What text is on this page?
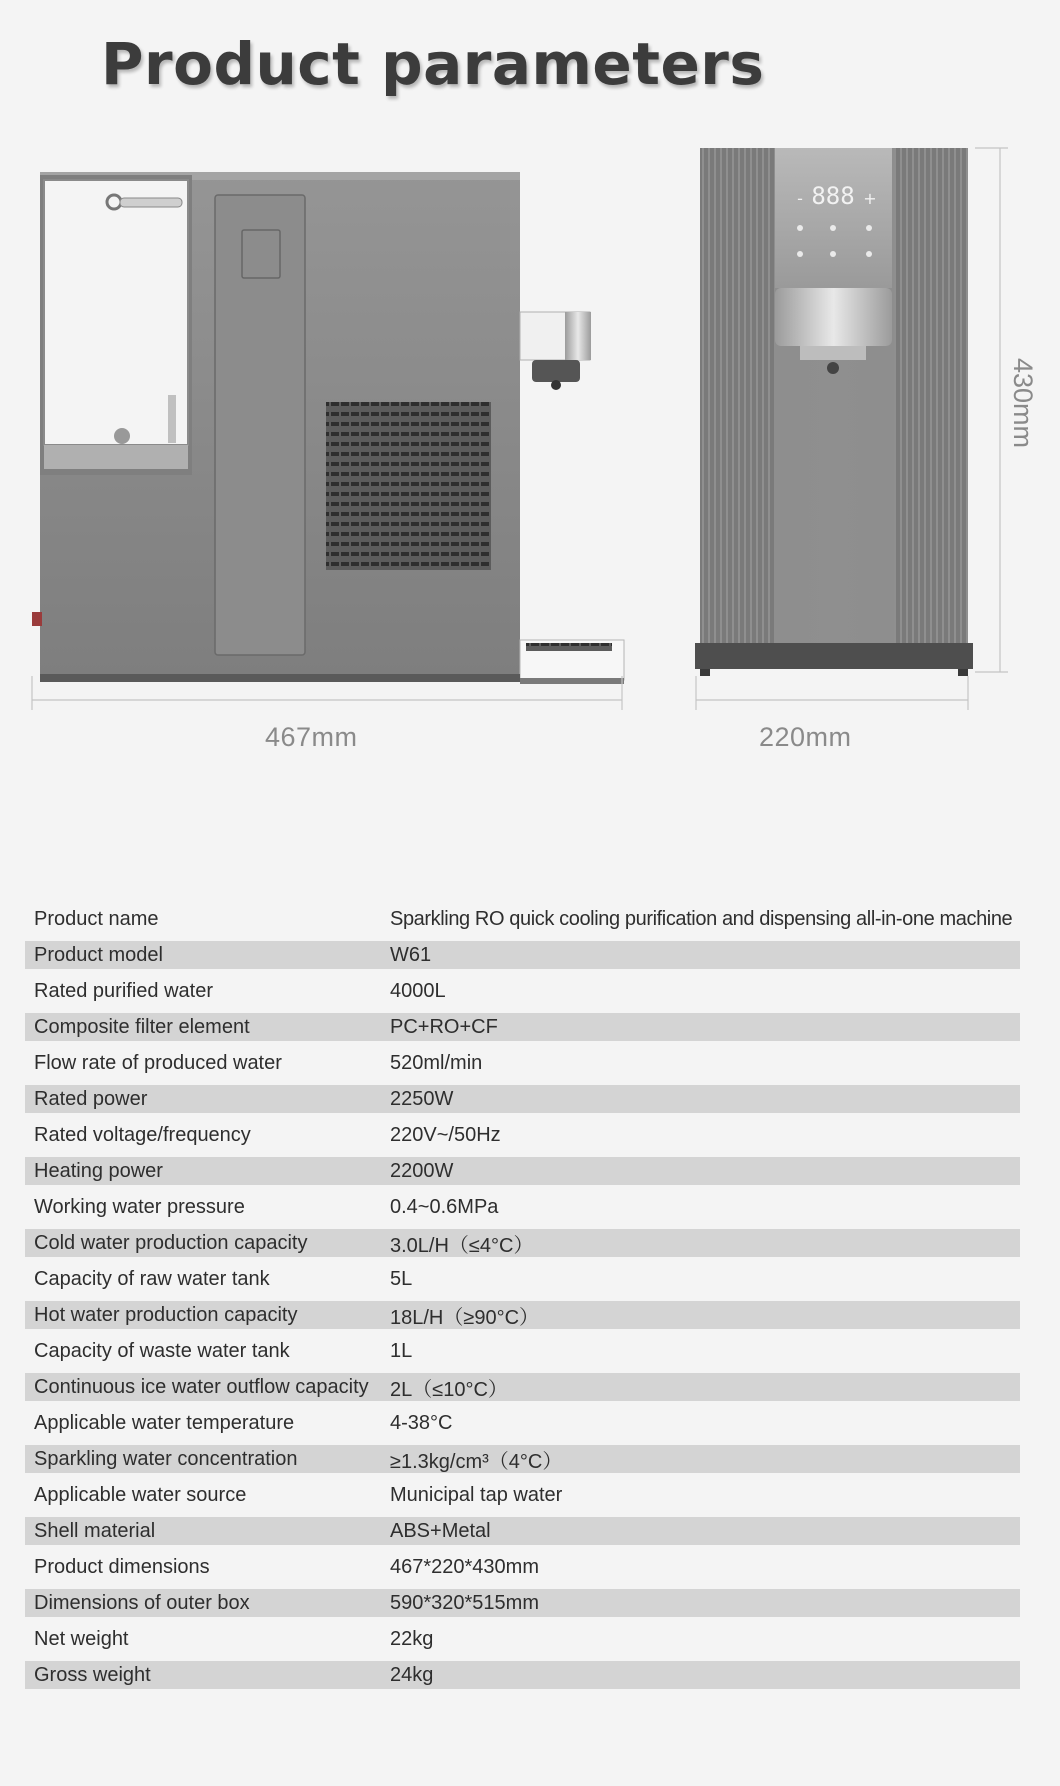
Product parameters
888
-	+
467mm	220mm
430mm
Product name	Sparkling RO quick cooling purification and dispensing all-in-one machine
Product model	W61
Rated purified water	4000L
Composite filter element	PC+RO+CF
Flow rate of produced water	520ml/min
Rated power	2250W
Rated voltage/frequency	220V~/50Hz
Heating power	2200W
Working water pressure	0.4~0.6MPa
Cold water production capacity	3.0L/H（≤4°C）
Capacity of raw water tank	5L
Hot water production capacity	18L/H（≥90°C）
Capacity of waste water tank	1L
Continuous ice water outflow capacity	2L（≤10°C）
Applicable water temperature	4-38°C
Sparkling water concentration	≥1.3kg/cm³（4°C）
Applicable water source	Municipal tap water
Shell material	ABS+Metal
Product dimensions	467*220*430mm
Dimensions of outer box	590*320*515mm
Net weight	22kg
Gross weight	24kg
